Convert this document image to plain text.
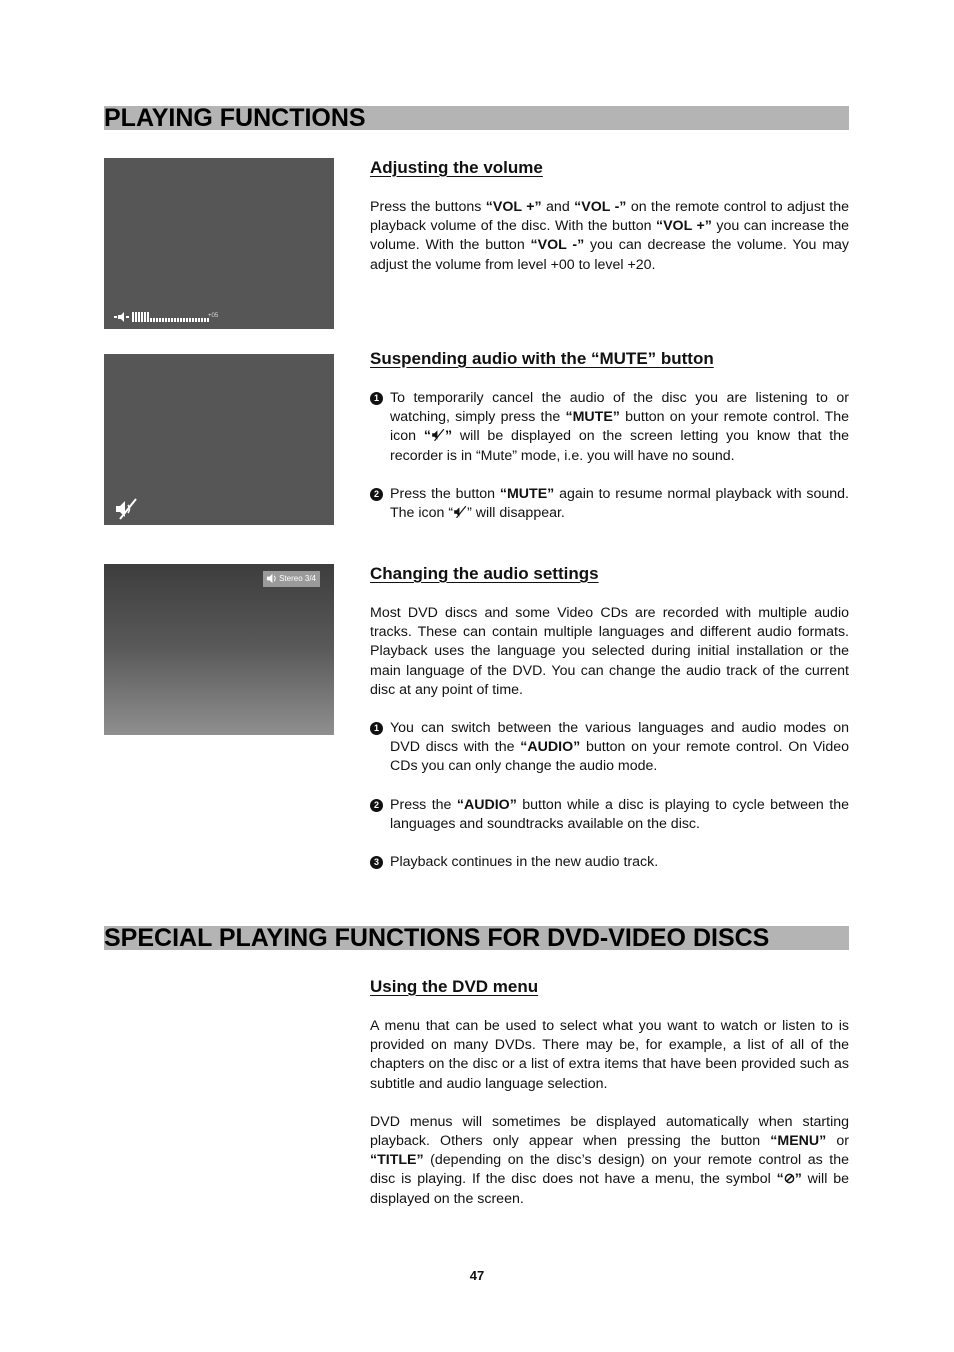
PLAYING FUNCTIONS
+05
Adjusting the volume

Press the buttons “VOL +” and “VOL -” on the remote control to adjust the playback volume of the disc. With the button “VOL +” you can increase the volume. With the button “VOL -” you can decrease the volume. You may adjust the volume from level +00 to level +20.

Suspending audio with the “MUTE” button

1 To temporarily cancel the audio of the disc you are listening to or watching, simply press the “MUTE” button on your remote control. The icon “ ” will be displayed on the screen letting you know that the recorder is in “Mute” mode, i.e. you will have no sound.

2 Press the button “MUTE” again to resume normal playback with sound. The icon “ ” will disappear.

Stereo 3/4	Changing the audio settings

Most DVD discs and some Video CDs are recorded with multiple audio tracks. These can contain multiple languages and different audio formats. Playback uses the language you selected during initial installation or the main language of the DVD. You can change the audio track of the current disc at any point of time.

1 You can switch between the various languages and audio modes on DVD discs with the “AUDIO” button on your remote control. On Video CDs you can only change the audio mode.

2 Press the “AUDIO” button while a disc is playing to cycle between the languages and soundtracks available on the disc.

3 Playback continues in the new audio track.

SPECIAL PLAYING FUNCTIONS FOR DVD-VIDEO DISCS
Using the DVD menu

A menu that can be used to select what you want to watch or listen to is provided on many DVDs. There may be, for example, a list of all of the chapters on the disc or a list of extra items that have been provided such as subtitle and audio language selection.

DVD menus will sometimes be displayed automatically when starting playback. Others only appear when pressing the button “MENU” or “TITLE” (depending on the disc’s design) on your remote control as the disc is playing. If the disc does not have a menu, the symbol “ ” will be displayed on the screen.

47
